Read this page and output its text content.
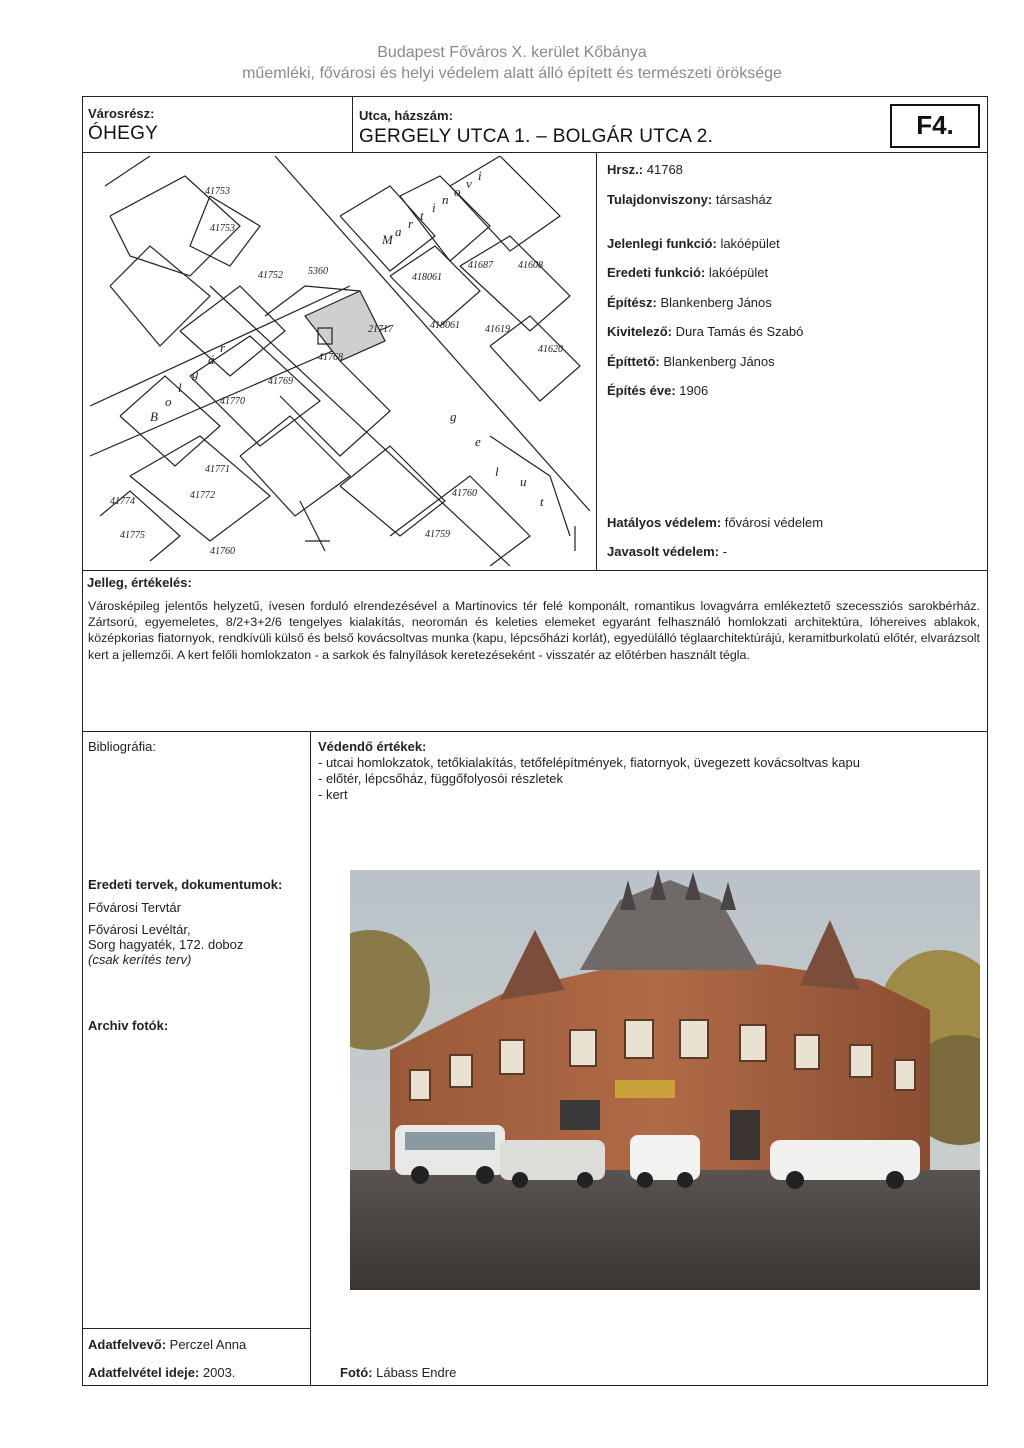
Budapest Főváros X. kerület Kőbánya
műemléki, fővárosi és helyi védelem alatt álló épített és természeti öröksége
Városrész:
ÓHEGY
Utca, házszám:
GERGELY UTCA 1. – BOLGÁR UTCA 2.	F4.
41753
41753
41752	5360
41769
41768
41770
41771
41772
41774
41775
41760
41759
41760
41687	41608
418061
418061	41619
41620
21717
M
a
r
t
i
n
o
v
i
g
e
l
u
t
B
o
l
g
á
r
Hrsz.: 41768
Tulajdonviszony: társasház
Jelenlegi funkció: lakóépület
Eredeti funkció: lakóépület
Építész: Blankenberg János
Kivitelező: Dura Tamás és Szabó
Építtető: Blankenberg János
Építés éve: 1906
Hatályos védelem: fővárosi védelem
Javasolt védelem: -
Jelleg, értékelés:
Városképileg jelentős helyzetű, ívesen forduló elrendezésével a Martinovics tér felé komponált, romantikus lovagvárra emlékeztető szecessziós sarokbérház. Zártsorú, egyemeletes, 8/2+3+2/6 tengelyes kialakítás, neoromán és keleties elemeket egyaránt felhasználó homlokzati architektúra, lóhereives ablakok, középkorias fiatornyok, rendkívüli külső és belső kovácsoltvas munka (kapu, lépcsőházi korlát), egyedülálló téglaarchitektúrájú, keramitburkolatú előtér, elvarázsolt kert a jellemzői. A kert felőli homlokzaton - a sarkok és falnyílások keretezéseként - visszatér az előtérben használt tégla.
Bibliográfia:	Védendő értékek:
- utcai homlokzatok, tetőkialakítás, tetőfelépítmények, fiatornyok, üvegezett kovácsoltvas kapu
- előtér, lépcsőház, függőfolyosói részletek
- kert
Eredeti tervek, dokumentumok:
Fővárosi Tervtár
Fővárosi Levéltár,
Sorg hagyaték, 172. doboz
(csak kerítés terv)
Archiv fotók:
Adatfelvevő: Perczel Anna
Adatfelvétel ideje: 2003.	Fotó: Lábass Endre
